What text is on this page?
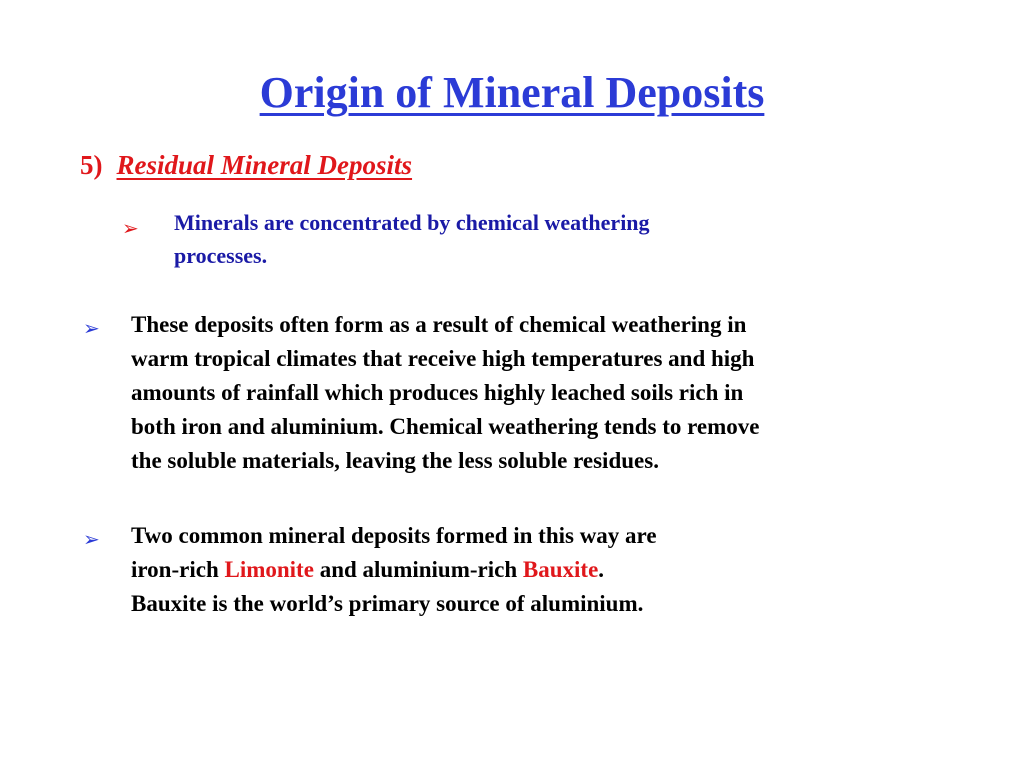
Origin of Mineral Deposits
5) Residual Mineral Deposits
➢ Minerals are concentrated by chemical weathering
processes.
➢ These deposits often form as a result of chemical weathering in
warm tropical climates that receive high temperatures and high
amounts of rainfall which produces highly leached soils rich in
both iron and aluminium. Chemical weathering tends to remove
the soluble materials, leaving the less soluble residues.
➢ Two common mineral deposits formed in this way are
iron-rich Limonite and aluminium-rich Bauxite.
Bauxite is the world’s primary source of aluminium.
